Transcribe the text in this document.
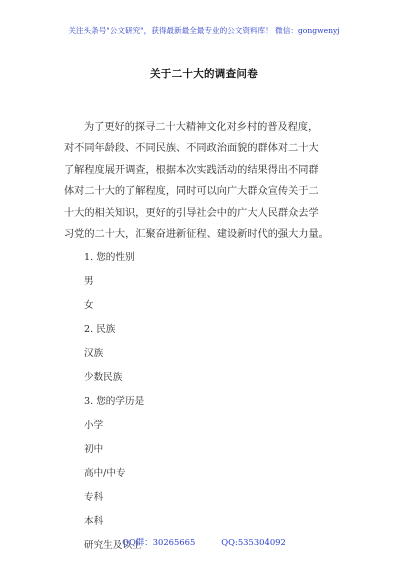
关注头条号"公文研究"，获得最新最全最专业的公文资料库！ 微信：gongwenyj
关于二十大的调查问卷
为了更好的探寻二十大精神文化对乡村的普及程度，
对不同年龄段、不同民族、不同政治面貌的群体对二十大
了解程度展开调查，根据本次实践活动的结果得出不同群
体对二十大的了解程度，同时可以向广大群众宣传关于二
十大的相关知识，更好的引导社会中的广大人民群众去学
习党的二十大，汇聚奋进新征程、建设新时代的强大力量。
1. 您的性别
男
女
2. 民族
汉族
少数民族
3. 您的学历是
小学
初中
高中/中专
专科
本科
研究生及以上
QQ群：30265665	QQ:535304092
